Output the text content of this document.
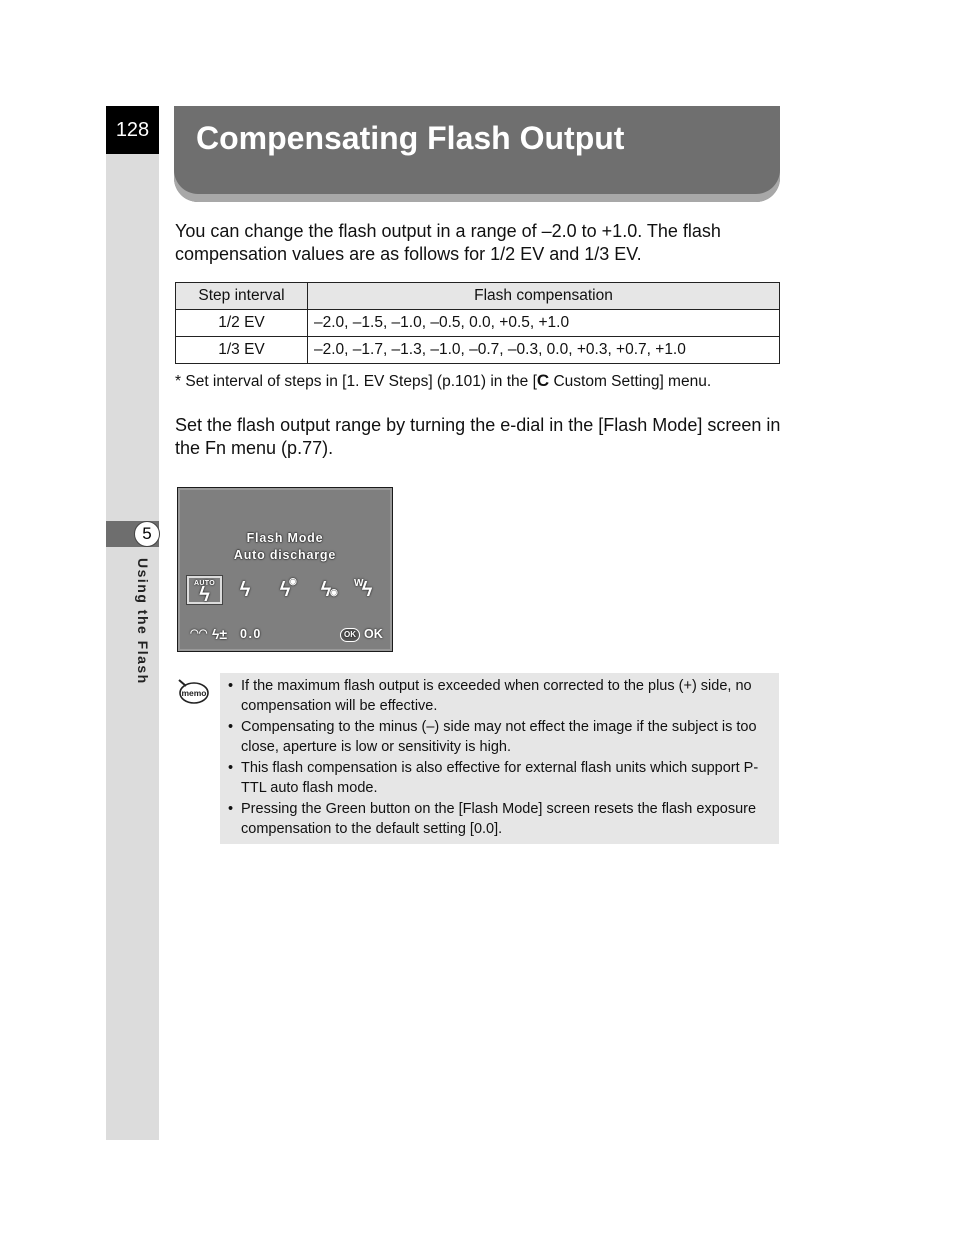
128
5
Using the Flash
Compensating Flash Output

You can change the flash output in a range of –2.0 to +1.0. The flash compensation values are as follows for 1/2 EV and 1/3 EV.

Step interval	Flash compensation
1/2 EV	–2.0, –1.5, –1.0, –0.5, 0.0, +0.5, +1.0
1/3 EV	–2.0, –1.7, –1.3, –1.0, –0.7, –0.3, 0.0, +0.3, +0.7, +1.0
* Set interval of steps in [1. EV Steps] (p.101) in the [C Custom Setting] menu.

Set the flash output range by turning the e-dial in the [Flash Mode] screen in the Fn menu (p.77).

Flash Mode
Auto discharge
AUTO
ϟ	ϟ	ϟ
◉	ϟ
◉
W
ϟ
◠◠ ϟ± 0.0	OK OK
memo • If the maximum flash output is exceeded when corrected to the plus (+) side, no compensation will be effective.
• Compensating to the minus (–) side may not effect the image if the subject is too close, aperture is low or sensitivity is high.
• This flash compensation is also effective for external flash units which support P-TTL auto flash mode.
• Pressing the Green button on the [Flash Mode] screen resets the flash exposure compensation to the default setting [0.0].
